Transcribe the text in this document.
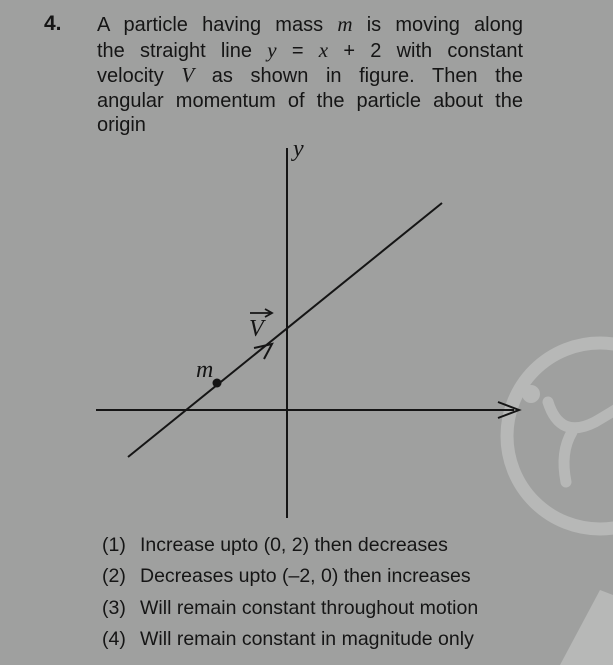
4. A particle having mass m is moving along
the straight line y = x + 2 with constant
velocity V as shown in figure. Then the
angular momentum of the particle about the
origin
y
m
V
(1) Increase upto (0, 2) then decreases
(2) Decreases upto (–2, 0) then increases
(3) Will remain constant throughout motion
(4) Will remain constant in magnitude only
